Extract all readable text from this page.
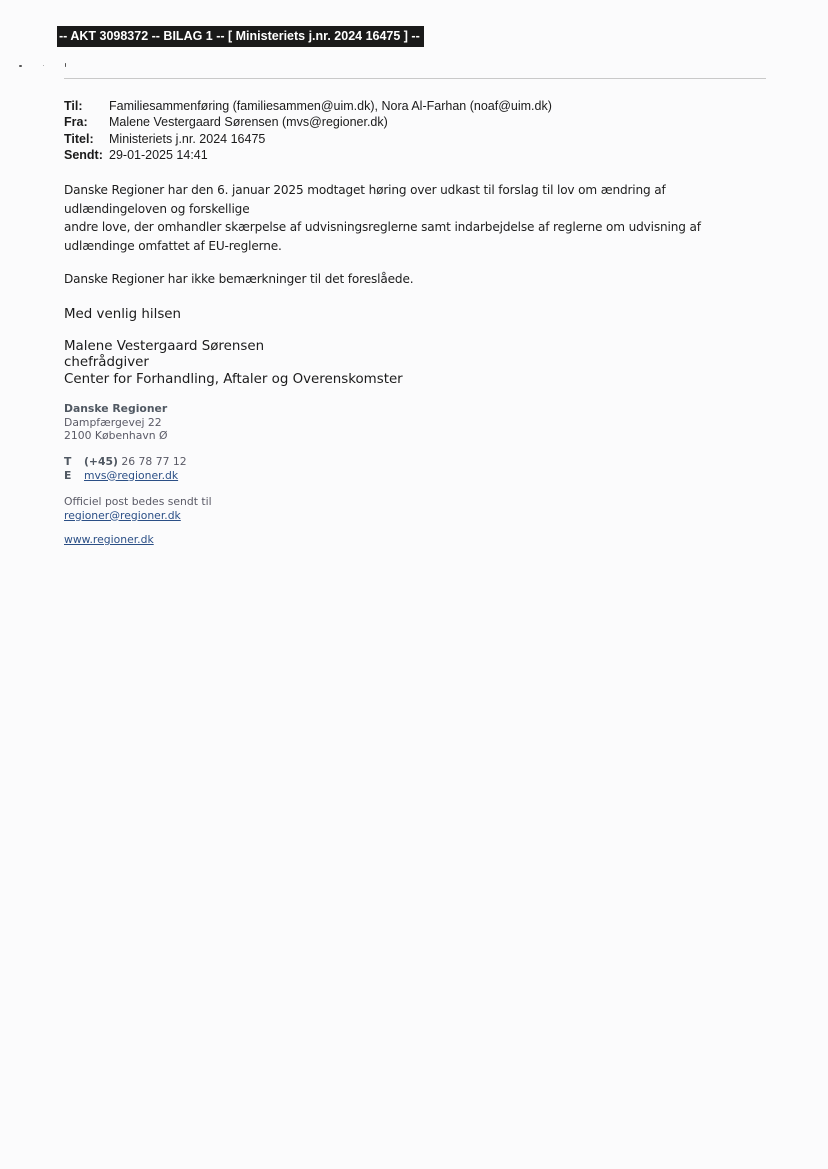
-- AKT 3098372 -- BILAG 1 -- [ Ministeriets j.nr. 2024 16475 ] --
Til:	Familiesammenføring (familiesammen@uim.dk), Nora Al-Farhan (noaf@uim.dk)
Fra:	Malene Vestergaard Sørensen (mvs@regioner.dk)
Titel:	Ministeriets j.nr. 2024 16475
Sendt: 29-01-2025 14:41

Danske Regioner har den 6. januar 2025 modtaget høring over udkast til forslag til lov om ændring af

udlændingeloven og forskellige

andre love, der omhandler skærpelse af udvisningsreglerne samt indarbejdelse af reglerne om udvisning af

udlændinge omfattet af EU-reglerne.

Danske Regioner har ikke bemærkninger til det foreslåede.
Med venlig hilsen
Malene Vestergaard Sørensen
chefrådgiver
Center for Forhandling, Aftaler og Overenskomster
Danske Regioner
Dampfærgevej 22
2100 København Ø
T (+45) 26 78 77 12
E mvs@regioner.dk
Officiel post bedes sendt til
regioner@regioner.dk
www.regioner.dk
